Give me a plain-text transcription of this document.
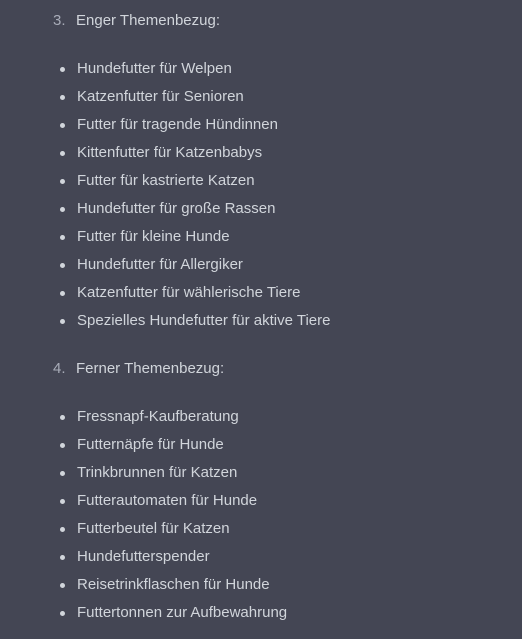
3. Enger Themenbezug:
Hundefutter für Welpen
Katzenfutter für Senioren
Futter für tragende Hündinnen
Kittenfutter für Katzenbabys
Futter für kastrierte Katzen
Hundefutter für große Rassen
Futter für kleine Hunde
Hundefutter für Allergiker
Katzenfutter für wählerische Tiere
Spezielles Hundefutter für aktive Tiere
4. Ferner Themenbezug:
Fressnapf-Kaufberatung
Futternäpfe für Hunde
Trinkbrunnen für Katzen
Futterautomaten für Hunde
Futterbeutel für Katzen
Hundefutterspender
Reisetrinkflaschen für Hunde
Futtertonnen zur Aufbewahrung
